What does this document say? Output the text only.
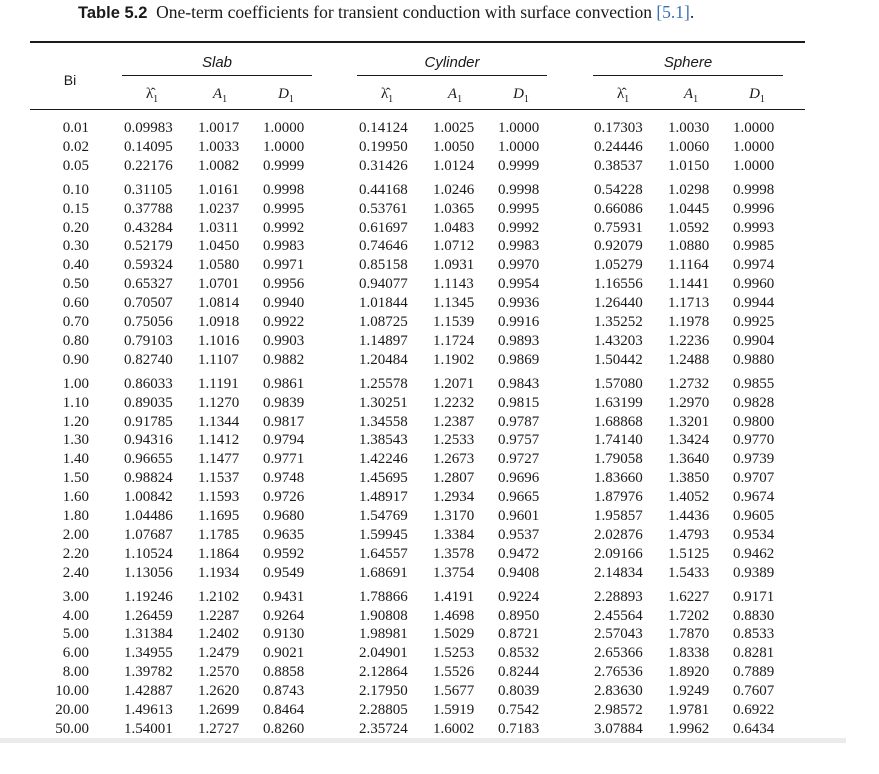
Table 5.2 One-term coefficients for transient conduction with surface convection [5.1].
Bi
Slab	Cylinder	Sphere
$\lambdâ_1$	$A_1$	$D_1$	$\lambdâ_1$	$A_1$	$D_1$	$\lambdâ_1$	$A_1$	$D_1$
0.01 0.09983 1.0017 1.0000	0.14124 1.0025 1.0000	0.17303 1.0030 1.0000
0.02 0.14095 1.0033 1.0000	0.19950 1.0050 1.0000	0.24446 1.0060 1.0000
0.05 0.22176 1.0082 0.9999	0.31426 1.0124 0.9999	0.38537 1.0150 1.0000
0.10 0.31105 1.0161 0.9998	0.44168 1.0246 0.9998	0.54228 1.0298 0.9998
0.15 0.37788 1.0237 0.9995	0.53761 1.0365 0.9995	0.66086 1.0445 0.9996
0.20 0.43284 1.0311 0.9992	0.61697 1.0483 0.9992	0.75931 1.0592 0.9993
0.30 0.52179 1.0450 0.9983	0.74646 1.0712 0.9983	0.92079 1.0880 0.9985
0.40 0.59324 1.0580 0.9971	0.85158 1.0931 0.9970	1.05279 1.1164 0.9974
0.50 0.65327 1.0701 0.9956	0.94077 1.1143 0.9954	1.16556 1.1441 0.9960
0.60 0.70507 1.0814 0.9940	1.01844 1.1345 0.9936	1.26440 1.1713 0.9944
0.70 0.75056 1.0918 0.9922	1.08725 1.1539 0.9916	1.35252 1.1978 0.9925
0.80 0.79103 1.1016 0.9903	1.14897 1.1724 0.9893	1.43203 1.2236 0.9904
0.90 0.82740 1.1107 0.9882	1.20484 1.1902 0.9869	1.50442 1.2488 0.9880
1.00 0.86033 1.1191 0.9861	1.25578 1.2071 0.9843	1.57080 1.2732 0.9855
1.10 0.89035 1.1270 0.9839	1.30251 1.2232 0.9815	1.63199 1.2970 0.9828
1.20 0.91785 1.1344 0.9817	1.34558 1.2387 0.9787	1.68868 1.3201 0.9800
1.30 0.94316 1.1412 0.9794	1.38543 1.2533 0.9757	1.74140 1.3424 0.9770
1.40 0.96655 1.1477 0.9771	1.42246 1.2673 0.9727	1.79058 1.3640 0.9739
1.50 0.98824 1.1537 0.9748	1.45695 1.2807 0.9696	1.83660 1.3850 0.9707
1.60 1.00842 1.1593 0.9726	1.48917 1.2934 0.9665	1.87976 1.4052 0.9674
1.80 1.04486 1.1695 0.9680	1.54769 1.3170 0.9601	1.95857 1.4436 0.9605
2.00 1.07687 1.1785 0.9635	1.59945 1.3384 0.9537	2.02876 1.4793 0.9534
2.20 1.10524 1.1864 0.9592	1.64557 1.3578 0.9472	2.09166 1.5125 0.9462
2.40 1.13056 1.1934 0.9549	1.68691 1.3754 0.9408	2.14834 1.5433 0.9389
3.00 1.19246 1.2102 0.9431	1.78866 1.4191 0.9224	2.28893 1.6227 0.9171
4.00 1.26459 1.2287 0.9264	1.90808 1.4698 0.8950	2.45564 1.7202 0.8830
5.00 1.31384 1.2402 0.9130	1.98981 1.5029 0.8721	2.57043 1.7870 0.8533
6.00 1.34955 1.2479 0.9021	2.04901 1.5253 0.8532	2.65366 1.8338 0.8281
8.00 1.39782 1.2570 0.8858	2.12864 1.5526 0.8244	2.76536 1.8920 0.7889
10.00 1.42887 1.2620 0.8743	2.17950 1.5677 0.8039	2.83630 1.9249 0.7607
20.00 1.49613 1.2699 0.8464	2.28805 1.5919 0.7542	2.98572 1.9781 0.6922
50.00 1.54001 1.2727 0.8260	2.35724 1.6002 0.7183	3.07884 1.9962 0.6434
